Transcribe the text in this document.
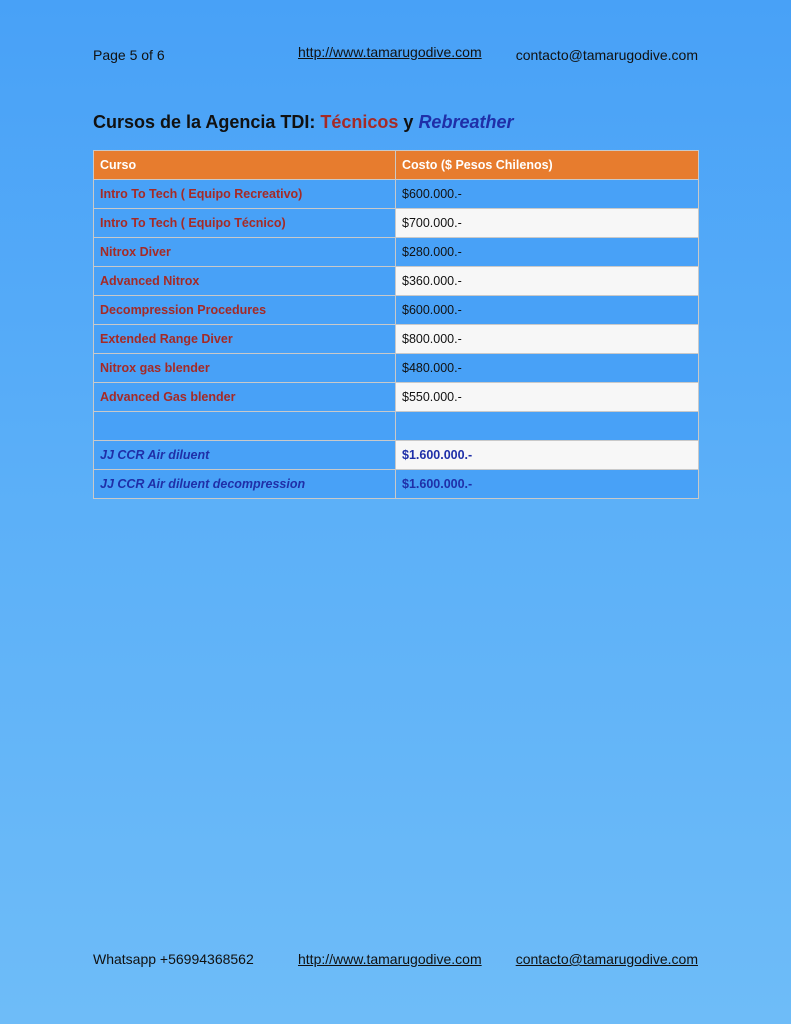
Page 5 of 6	http://www.tamarugodive.com contacto@tamarugodive.com
Cursos de la Agencia TDI: Técnicos y Rebreather
Curso	Costo ($ Pesos Chilenos)
Intro To Tech ( Equipo Recreativo)	$600.000.-
Intro To Tech ( Equipo Técnico)	$700.000.-
Nitrox Diver	$280.000.-
Advanced Nitrox	$360.000.-
Decompression Procedures	$600.000.-
Extended Range Diver	$800.000.-
Nitrox gas blender	$480.000.-
Advanced Gas blender	$550.000.-

JJ CCR Air diluent	$1.600.000.-
JJ CCR Air diluent decompression	$1.600.000.-
Whatsapp +56994368562	http://www.tamarugodive.com contacto@tamarugodive.com
